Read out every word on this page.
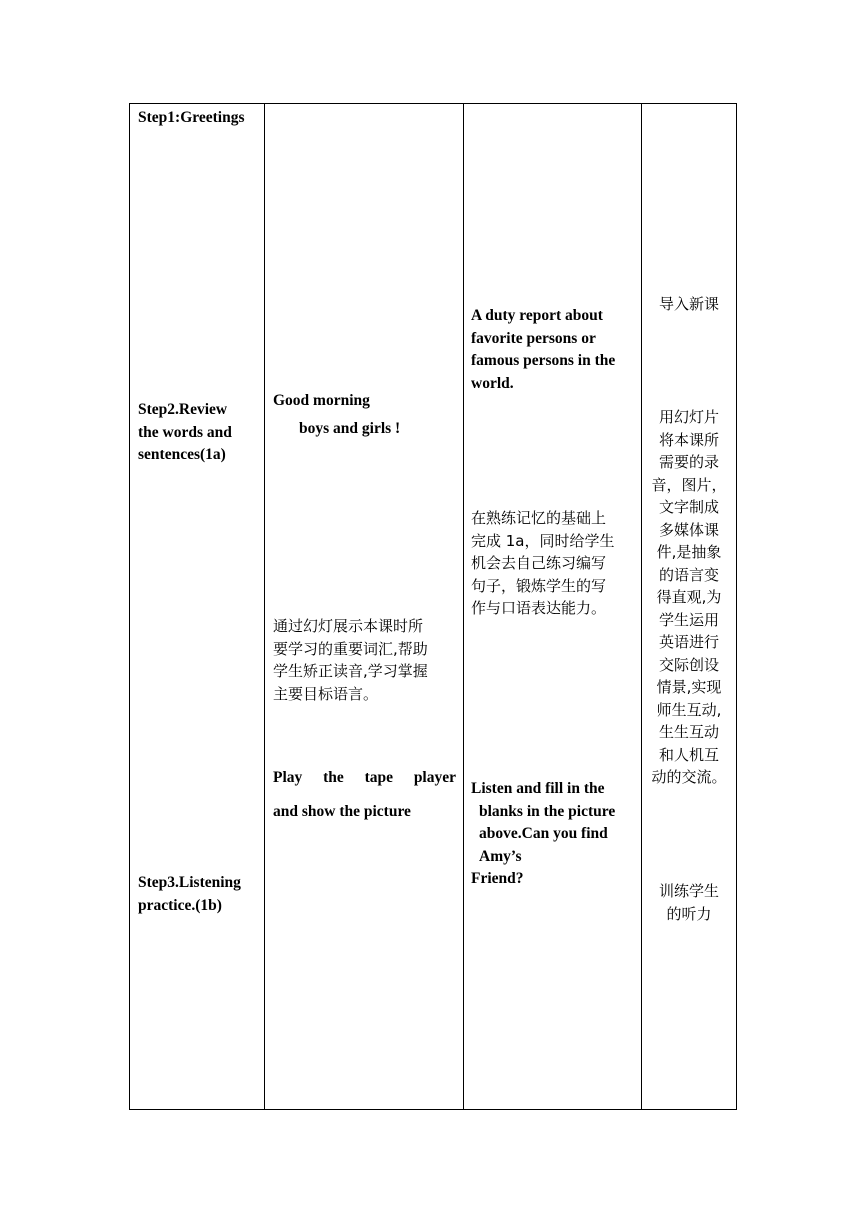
Step1:Greetings
Step2.Review
the words and
sentences(1a)
Step3.Listening
practice.(1b)
Good morning
boys and girls !
通过幻灯展示本课时所
要学习的重要词汇,帮助
学生矫正读音,学习掌握
主要目标语言。
Play the tape player
and show the picture
A duty report about
favorite persons or
famous persons in the
world.
在熟练记忆的基础上
完成 1a，同时给学生
机会去自己练习编写
句子，锻炼学生的写
作与口语表达能力。
Listen and fill in the
blanks in the picture
above.Can you find
Amy’s
Friend?
导入新课
用幻灯片
将本课所
需要的录
音，图片，
文字制成
多媒体课
件,是抽象
的语言变
得直观,为
学生运用
英语进行
交际创设
情景,实现
师生互动,
生生互动
和人机互
动的交流。
训练学生
的听力
